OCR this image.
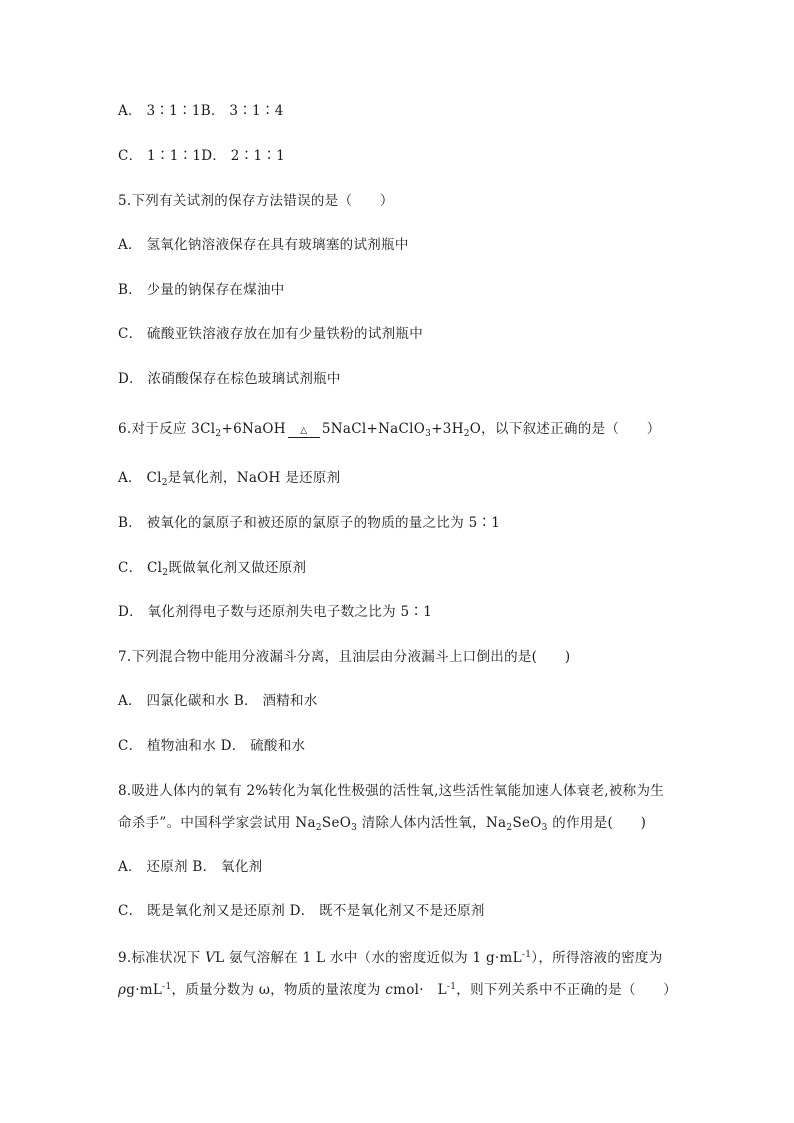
A． 3∶1∶1B． 3∶1∶4
C． 1∶1∶1D． 2∶1∶1
5.下列有关试剂的保存方法错误的是（　　）
A． 氢氧化钠溶液保存在具有玻璃塞的试剂瓶中
B． 少量的钠保存在煤油中
C． 硫酸亚铁溶液存放在加有少量铁粉的试剂瓶中
D． 浓硝酸保存在棕色玻璃试剂瓶中
6.对于反应 $3Cl_2+6NaOH$	△	$5NaCl+NaClO_3+3H_2O$，以下叙述正确的是（　　）
A． $Cl_2$是氧化剂，NaOH 是还原剂
B． 被氧化的氯原子和被还原的氯原子的物质的量之比为 5∶1
C． $Cl_2$既做氧化剂又做还原剂
D． 氧化剂得电子数与还原剂失电子数之比为 5∶1
7.下列混合物中能用分液漏斗分离，且油层由分液漏斗上口倒出的是(　　)
A． 四氯化碳和水 B． 酒精和水
C． 植物油和水 D． 硫酸和水
8.吸进人体内的氧有 2%转化为氧化性极强的活性氧,这些活性氧能加速人体衰老,被称为生
命杀手”。中国科学家尝试用 $Na_2SeO_3$ 清除人体内活性氧，$Na_2SeO_3$ 的作用是(　　)
A． 还原剂 B． 氧化剂
C． 既是氧化剂又是还原剂 D． 既不是氧化剂又不是还原剂
9.标准状况下 VL 氨气溶解在 1 L 水中（水的密度近似为 1 $g\cdot mL^{-1}$），所得溶液的密度为
$\rho g\cdot mL^{-1}$，质量分数为 ω，物质的量浓度为 cmol·　$L^{-1}$，则下列关系中不正确的是（　　）
